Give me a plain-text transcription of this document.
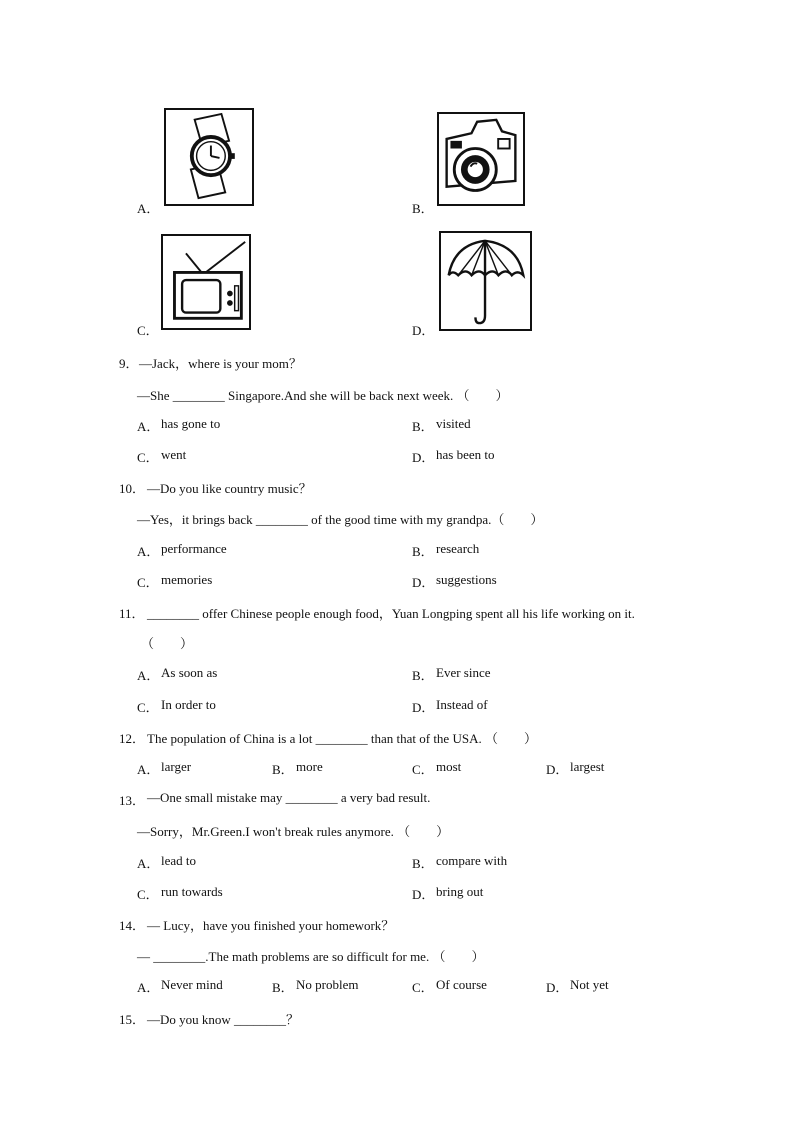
A．	B．
C．	D．
9． —Jack，where is your mom？
—She ________ Singapore.And she will be back next week. （　　）
A． has gone to	B． visited
C． went	D． has been to
10． —Do you like country music？
—Yes，it brings back ________ of the good time with my grandpa.（　　）
A． performance	B． research
C． memories	D． suggestions
11． ________ offer Chinese people enough food，Yuan Longping spent all his life working on it.
（　　）
A． As soon as	B． Ever since
C． In order to	D． Instead of
12． The population of China is a lot ________ than that of the USA. （　　）
A． larger	B． more	C． most	D． largest
13． —One small mistake may ________ a very bad result.
—Sorry，Mr.Green.I won't break rules anymore. （　　）
A． lead to	B． compare with
C． run towards	D． bring out
14． — Lucy，have you finished your homework？
— ________.The math problems are so difficult for me. （　　）
A． Never mind	B． No problem	C． Of course	D． Not yet
15． —Do you know ________？
